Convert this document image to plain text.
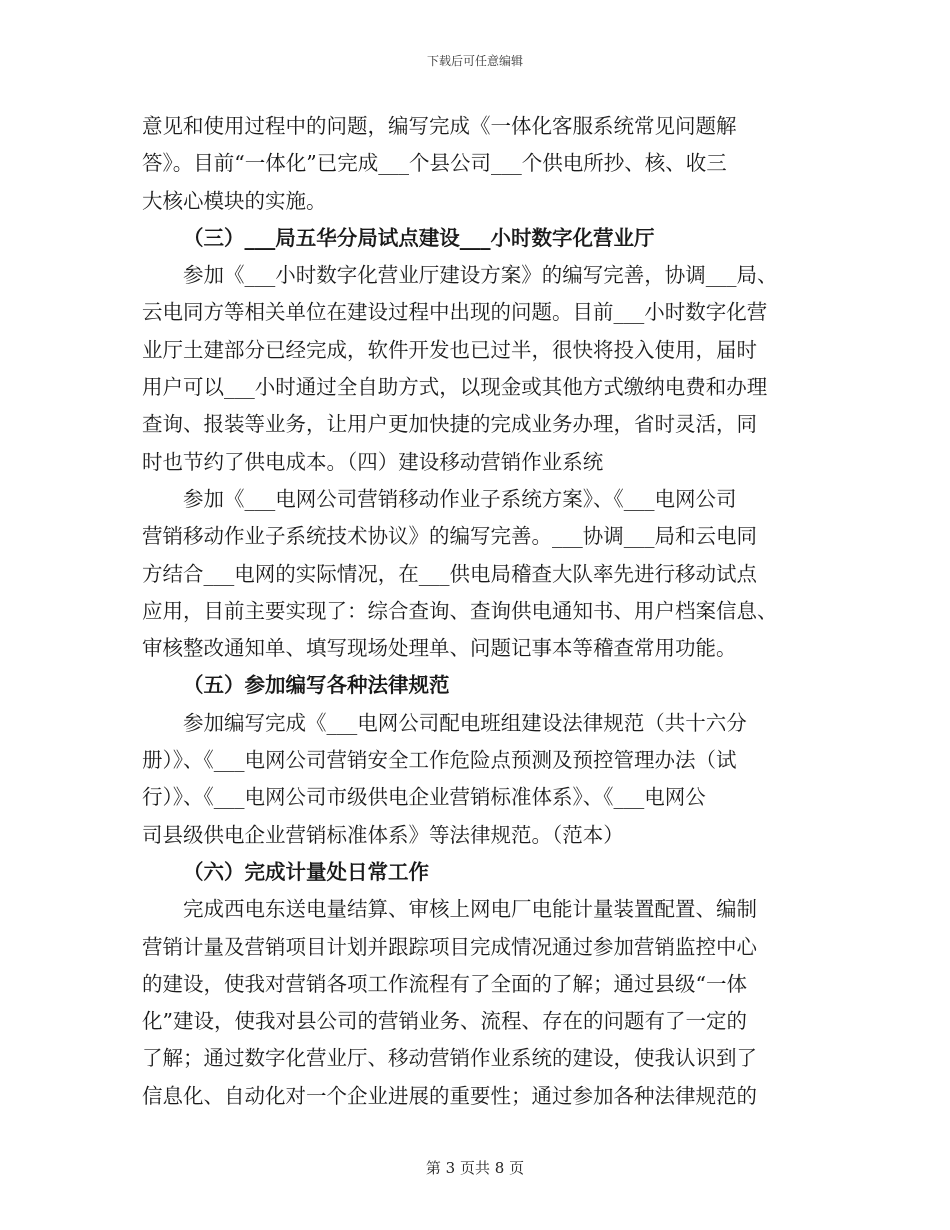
下载后可任意编辑
意见和使用过程中的问题，编写完成《一体化客服系统常见问题解
答》。目前“一体化”已完成___个县公司___个供电所抄、核、收三
大核心模块的实施。
（三）___局五华分局试点建设___小时数字化营业厅
参加《___小时数字化营业厅建设方案》的编写完善，协调___局、
云电同方等相关单位在建设过程中出现的问题。目前___小时数字化营
业厅土建部分已经完成，软件开发也已过半，很快将投入使用，届时
用户可以___小时通过全自助方式，以现金或其他方式缴纳电费和办理
查询、报装等业务，让用户更加快捷的完成业务办理，省时灵活，同
时也节约了供电成本。（四）建设移动营销作业系统
参加《___电网公司营销移动作业子系统方案》、《___电网公司
营销移动作业子系统技术协议》的编写完善。___协调___局和云电同
方结合___电网的实际情况，在___供电局稽查大队率先进行移动试点
应用，目前主要实现了：综合查询、查询供电通知书、用户档案信息、
审核整改通知单、填写现场处理单、问题记事本等稽查常用功能。
（五）参加编写各种法律规范
参加编写完成《___电网公司配电班组建设法律规范（共十六分
册）》、《___电网公司营销安全工作危险点预测及预控管理办法（试
行）》、《___电网公司市级供电企业营销标准体系》、《___电网公
司县级供电企业营销标准体系》等法律规范。（范本）
（六）完成计量处日常工作
完成西电东送电量结算、审核上网电厂电能计量装置配置、编制
营销计量及营销项目计划并跟踪项目完成情况通过参加营销监控中心
的建设，使我对营销各项工作流程有了全面的了解；通过县级“一体
化”建设，使我对县公司的营销业务、流程、存在的问题有了一定的
了解；通过数字化营业厅、移动营销作业系统的建设，使我认识到了
信息化、自动化对一个企业进展的重要性；通过参加各种法律规范的
第 3 页共 8 页
